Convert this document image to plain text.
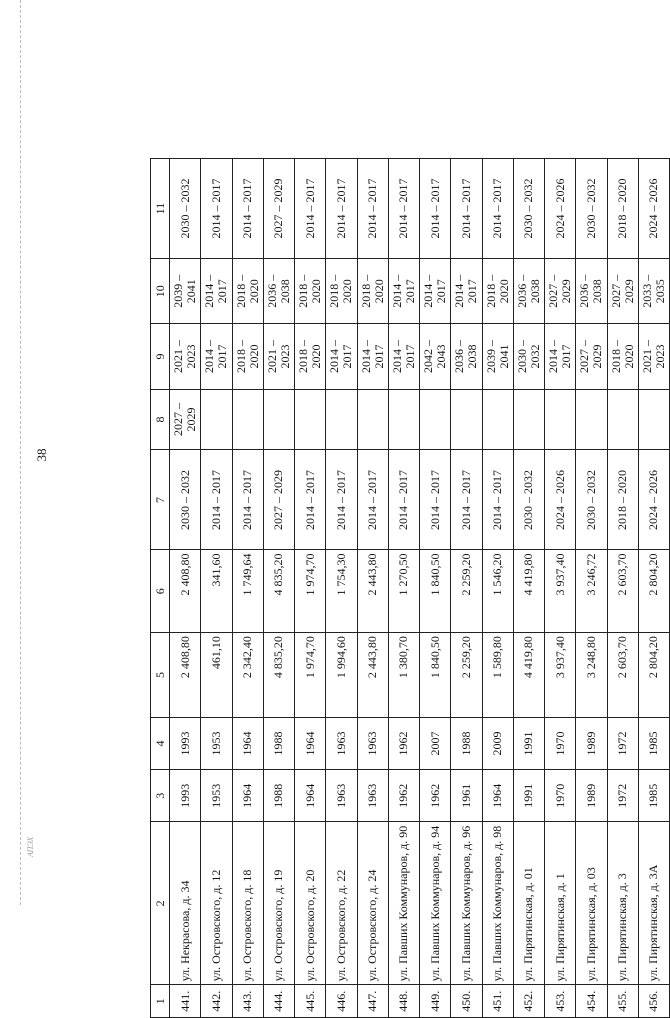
38
АПЭХ
1	2	3	4	5	6	7	8	9	10	11
441.	ул. Некрасова, д. 34	1993	1993	2 408,80	2 408,80	2030 – 2032	2027 – 2029	2021 – 2023	2039 – 2041	2030 – 2032
442.	ул. Островского, д. 12	1953	1953	461,10	341,60	2014 – 2017		2014 – 2017	2014 – 2017	2014 – 2017
443.	ул. Островского, д. 18	1964	1964	2 342,40	1 749,64	2014 – 2017		2018 – 2020	2018 – 2020	2014 – 2017
444.	ул. Островского, д. 19	1988	1988	4 835,20	4 835,20	2027 – 2029		2021 – 2023	2036 – 2038	2027 – 2029
445.	ул. Островского, д. 20	1964	1964	1 974,70	1 974,70	2014 – 2017		2018 – 2020	2018 – 2020	2014 – 2017
446.	ул. Островского, д. 22	1963	1963	1 994,60	1 754,30	2014 – 2017		2014 – 2017	2018 – 2020	2014 – 2017
447.	ул. Островского, д. 24	1963	1963	2 443,80	2 443,80	2014 – 2017		2014 – 2017	2018 – 2020	2014 – 2017
448.	ул. Павших Коммунаров, д. 90	1962	1962	1 380,70	1 270,50	2014 – 2017		2014 – 2017	2014 – 2017	2014 – 2017
449.	ул. Павших Коммунаров, д. 94	1962	2007	1 840,50	1 840,50	2014 – 2017		2042 – 2043	2014 – 2017	2014 – 2017
450.	ул. Павших Коммунаров, д. 96	1961	1988	2 259,20	2 259,20	2014 – 2017		2036 – 2038	2014 – 2017	2014 – 2017
451.	ул. Павших Коммунаров, д. 98	1964	2009	1 589,80	1 546,20	2014 – 2017		2039 – 2041	2018 – 2020	2014 – 2017
452.	ул. Пирятинская, д. 01	1991	1991	4 419,80	4 419,80	2030 – 2032		2030 – 2032	2036 – 2038	2030 – 2032
453.	ул. Пирятинская, д. 1	1970	1970	3 937,40	3 937,40	2024 – 2026		2014 – 2017	2027 – 2029	2024 – 2026
454.	ул. Пирятинская, д. 03	1989	1989	3 248,80	3 246,72	2030 – 2032		2027 – 2029	2036 – 2038	2030 – 2032
455.	ул. Пирятинская, д. 3	1972	1972	2 603,70	2 603,70	2018 – 2020		2018 – 2020	2027 – 2029	2018 – 2020
456.	ул. Пирятинская, д. 3А	1985	1985	2 804,20	2 804,20	2024 – 2026		2021 – 2023	2033 – 2035	2024 – 2026
